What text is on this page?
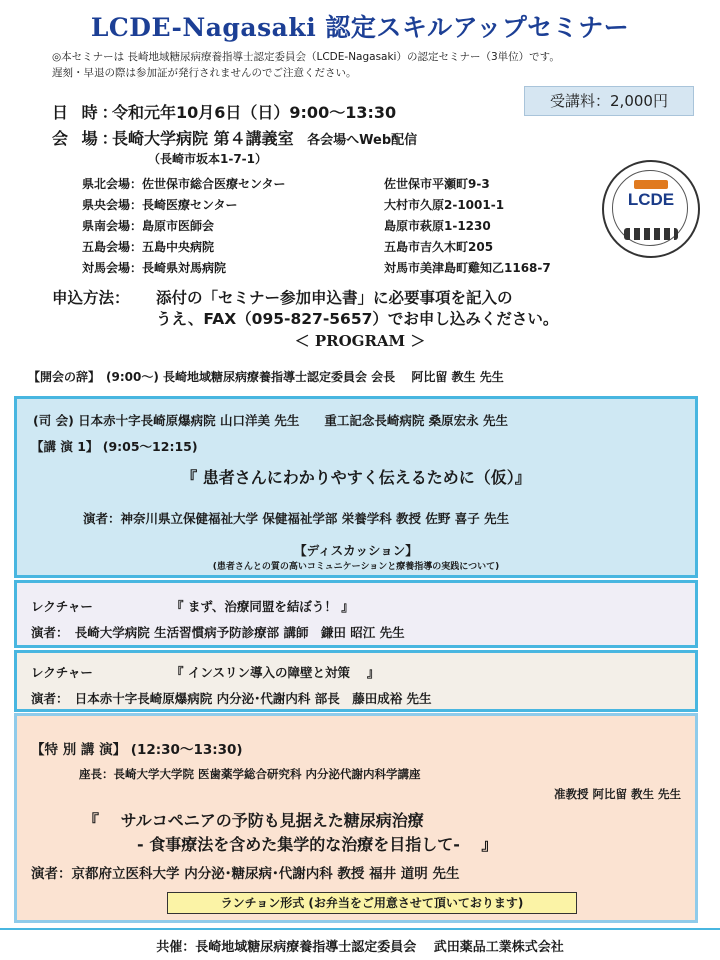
LCDE-Nagasaki 認定スキルアップセミナー
◎本セミナーは 長崎地域糖尿病療養指導士認定委員会（LCDE-Nagasaki）の認定セミナー（3単位）です。
遅刻・早退の際は参加証が発行されませんのでご注意ください。
受講料：2,000円
日 時：令和元年10月6日（日）9:00～13:30
会 場：長崎大学病院 第４講義室 各会場へWeb配信
（長崎市坂本1-7-1）
県北会場：佐世保市総合医療センター	佐世保市平瀬町9-3
県央会場：長崎医療センター	大村市久原2-1001-1
県南会場：島原市医師会	島原市萩原1-1230
五島会場：五島中央病院	五島市吉久木町205
対馬会場：長崎県対馬病院	対馬市美津島町雞知乙1168-7
LCDE
申込方法： 添付の「セミナー参加申込書」に必要事項を記入の
うえ、FAX（095-827-5657）でお申し込みください。
＜ PROGRAM ＞
【開会の辞】　(9:00～) 長崎地域糖尿病療養指導士認定委員会 会長　 阿比留 教生 先生
(司 会) 日本赤十字長崎原爆病院 山口洋美 先生　　重工記念長崎病院 桑原宏永 先生
【講 演 1】 (9:05～12:15)
『 患者さんにわかりやすく伝えるために（仮）』
演者：神奈川県立保健福祉大学 保健福祉学部 栄養学科 教授 佐野 喜子 先生
【ディスカッション】
(患者さんとの質の高いコミュニケーションと療養指導の実践について)
レクチャー	『 まず、治療同盟を結ぼう！ 』
演者：　長崎大学病院 生活習慣病予防診療部 講師　鎌田 昭江 先生
レクチャー	『 インスリン導入の障壁と対策　 』
演者：　日本赤十字長崎原爆病院 内分泌･代謝内科 部長　藤田成裕 先生
【特 別 講 演】 (12:30～13:30)
座長：長崎大学大学院 医歯薬学総合研究科 内分泌代謝内科学講座
准教授 阿比留 教生 先生
『　 サルコペニアの予防も見据えた糖尿病治療
- 食事療法を含めた集学的な治療を目指して-　 』
演者：京都府立医科大学 内分泌･糖尿病･代謝内科 教授 福井 道明 先生
ランチョン形式 (お弁当をご用意させて頂いております)
共催：長崎地域糖尿病療養指導士認定委員会　 武田薬品工業株式会社
